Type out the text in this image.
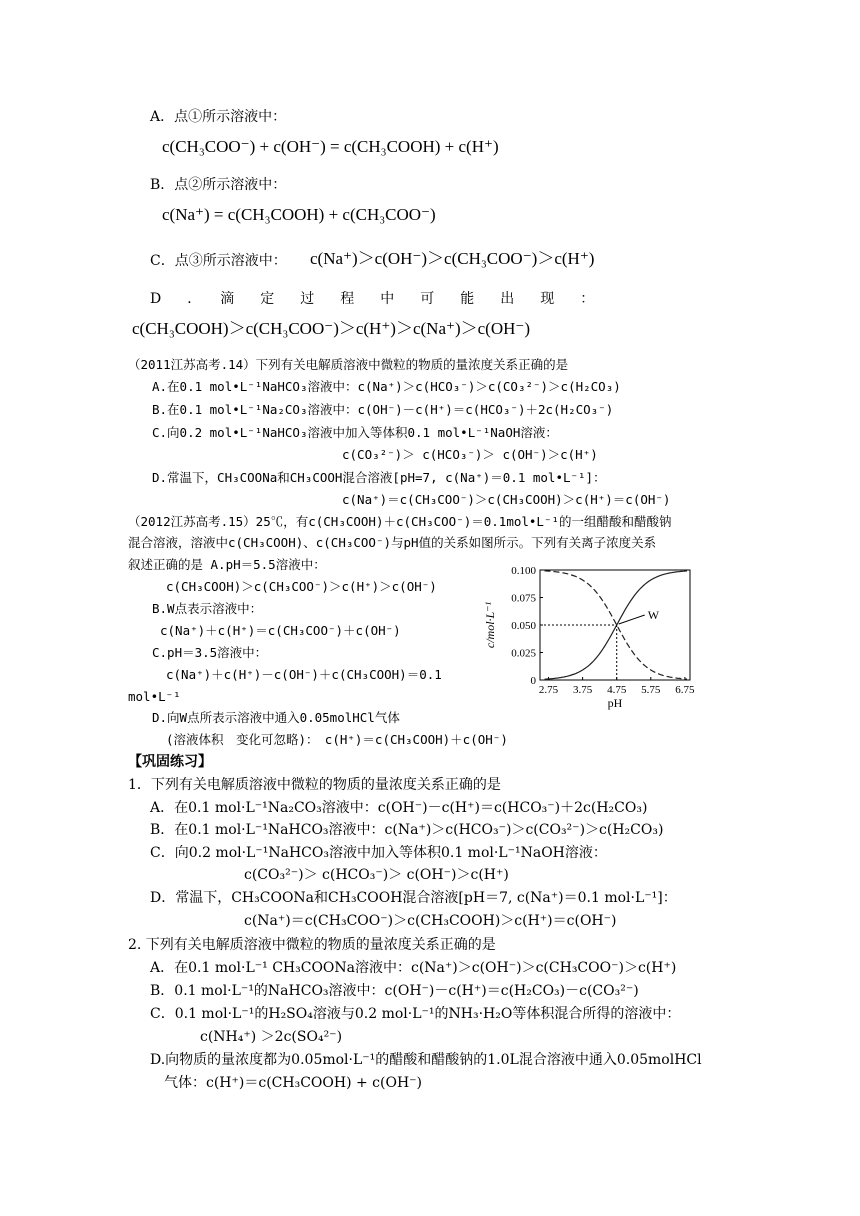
A．点①所示溶液中：
c(CH₃COO⁻) + c(OH⁻) = c(CH₃COOH) + c(H⁺)
B．点②所示溶液中：
c(Na⁺) = c(CH₃COOH) + c(CH₃COO⁻)
C．点③所示溶液中： c(Na⁺)＞c(OH⁻)＞c(CH₃COO⁻)＞c(H⁺)
D　．　滴　定　过　程　中　可　能　出　现　：
c(CH₃COOH)＞c(CH₃COO⁻)＞c(H⁺)＞c(Na⁺)＞c(OH⁻)
（2011江苏高考.14）下列有关电解质溶液中微粒的物质的量浓度关系正确的是
A.在0.1 mol•L⁻¹NaHCO₃溶液中：c(Na⁺)＞c(HCO₃⁻)＞c(CO₃²⁻)＞c(H₂CO₃)
B.在0.1 mol•L⁻¹Na₂CO₃溶液中：c(OH⁻)－c(H⁺)＝c(HCO₃⁻)＋2c(H₂CO₃⁻)
C.向0.2 mol•L⁻¹NaHCO₃溶液中加入等体积0.1 mol•L⁻¹NaOH溶液：
c(CO₃²⁻)＞ c(HCO₃⁻)＞ c(OH⁻)＞c(H⁺)
D.常温下，CH₃COONa和CH₃COOH混合溶液[pH=7, c(Na⁺)＝0.1 mol•L⁻¹]：
c(Na⁺)＝c(CH₃COO⁻)＞c(CH₃COOH)＞c(H⁺)＝c(OH⁻)
（2012江苏高考.15）25℃，有c(CH₃COOH)＋c(CH₃COO⁻)＝0.1mol•L⁻¹的一组醋酸和醋酸钠
混合溶液，溶液中c(CH₃COOH)、c(CH₃COO⁻)与pH值的关系如图所示。下列有关离子浓度关系
叙述正确的是 A.pH＝5.5溶液中：
c(CH₃COOH)＞c(CH₃COO⁻)＞c(H⁺)＞c(OH⁻)
B.W点表示溶液中：
c(Na⁺)＋c(H⁺)＝c(CH₃COO⁻)＋c(OH⁻)
C.pH＝3.5溶液中：
c(Na⁺)＋c(H⁺)－c(OH⁻)＋c(CH₃COOH)＝0.1
mol•L⁻¹
D.向W点所表示溶液中通入0.05molHCl气体
(溶液体积　变化可忽略)：　c(H⁺)＝c(CH₃COOH)＋c(OH⁻)
2.75 3.75 4.75 5.75 6.75
0
0.025
0.050
0.075
0.100
W
pH
c/mol·L⁻¹
【巩固练习】
1．下列有关电解质溶液中微粒的物质的量浓度关系正确的是
A．在0.1 mol·L⁻¹Na₂CO₃溶液中：c(OH⁻)－c(H⁺)＝c(HCO₃⁻)＋2c(H₂CO₃)
B．在0.1 mol·L⁻¹NaHCO₃溶液中：c(Na⁺)＞c(HCO₃⁻)＞c(CO₃²⁻)＞c(H₂CO₃)
C．向0.2 mol·L⁻¹NaHCO₃溶液中加入等体积0.1 mol·L⁻¹NaOH溶液：
c(CO₃²⁻)＞ c(HCO₃⁻)＞ c(OH⁻)＞c(H⁺)
D．常温下，CH₃COONa和CH₃COOH混合溶液[pH＝7, c(Na⁺)＝0.1 mol·L⁻¹]：
c(Na⁺)＝c(CH₃COO⁻)＞c(CH₃COOH)＞c(H⁺)＝c(OH⁻)
2. 下列有关电解质溶液中微粒的物质的量浓度关系正确的是
A．在0.1 mol·L⁻¹ CH₃COONa溶液中：c(Na⁺)＞c(OH⁻)＞c(CH₃COO⁻)＞c(H⁺)
B．0.1 mol·L⁻¹的NaHCO₃溶液中：c(OH⁻)－c(H⁺)＝c(H₂CO₃)－c(CO₃²⁻)
C．0.1 mol·L⁻¹的H₂SO₄溶液与0.2 mol·L⁻¹的NH₃·H₂O等体积混合所得的溶液中：
c(NH₄⁺) ＞2c(SO₄²⁻)
D.向物质的量浓度都为0.05mol·L⁻¹的醋酸和醋酸钠的1.0L混合溶液中通入0.05molHCl
气体：c(H⁺)＝c(CH₃COOH) + c(OH⁻)
